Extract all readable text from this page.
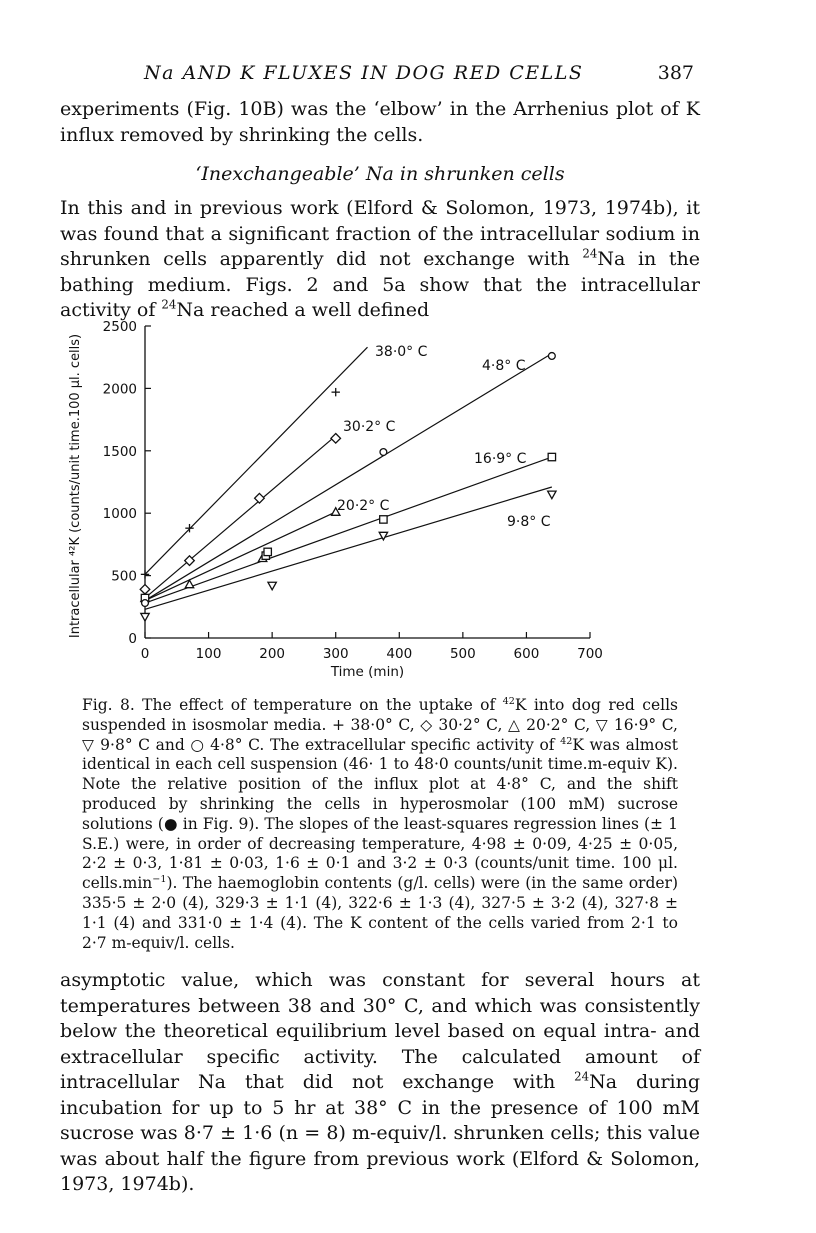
Na AND K FLUXES IN DOG RED CELLS	387
experiments (Fig. 10B) was the ‘elbow’ in the Arrhenius plot of K influx removed by shrinking the cells.
‘Inexchangeable’ Na in shrunken cells
In this and in previous work (Elford & Solomon, 1973, 1974b), it was found that a significant fraction of the intracellular sodium in shrunken cells apparently did not exchange with $^{24}$Na in the bathing medium. Figs. 2 and 5a show that the intracellular activity of $^{24}$Na reached a well defined
0	100	200	300	400	500	600	700
0
500
1000
1500
2000
2500
Time (min)
Intracellular ⁴²K (counts/unit time.100 μl. cells)	38·0° C
30·2° C
20·2° C
16·9° C
9·8° C
4·8° C
Fig. 8. The effect of temperature on the uptake of $^{42}$K into dog red cells suspended in isosmolar media. + 38·0° C, ◇ 30·2° C, △ 20·2° C, ▽ 16·9° C, ▽ 9·8° C and ○ 4·8° C. The extracellular specific activity of $^{42}$K was almost identical in each cell suspension (46· 1 to 48·0 counts/unit time.m-equiv K). Note the relative position of the influx plot at 4·8° C, and the shift produced by shrinking the cells in hyperosmolar (100 mM) sucrose solutions (● in Fig. 9). The slopes of the least-squares regression lines (± 1 S.E.) were, in order of decreasing temperature, 4·98 ± 0·09, 4·25 ± 0·05, 2·2 ± 0·3, 1·81 ± 0·03, 1·6 ± 0·1 and 3·2 ± 0·3 (counts/unit time. 100 μl. $cells.\min^{-1}$). The haemoglobin contents (g/l. cells) were (in the same order) 335·5 ± 2·0 (4), 329·3 ± 1·1 (4), 322·6 ± 1·3 (4), 327·5 ± 3·2 (4), 327·8 ± 1·1 (4) and 331·0 ± 1·4 (4). The K content of the cells varied from 2·1 to 2·7 m-equiv/l. cells.
asymptotic value, which was constant for several hours at temperatures between 38 and 30° C, and which was consistently below the theoretical equilibrium level based on equal intra- and extracellular specific activity. The calculated amount of intracellular Na that did not exchange with $^{24}$Na during incubation for up to 5 hr at 38° C in the presence of 100 mM sucrose was 8·7 ± 1·6 (n = 8) m-equiv/l. shrunken cells; this value was about half the figure from previous work (Elford & Solomon, 1973, 1974b).
